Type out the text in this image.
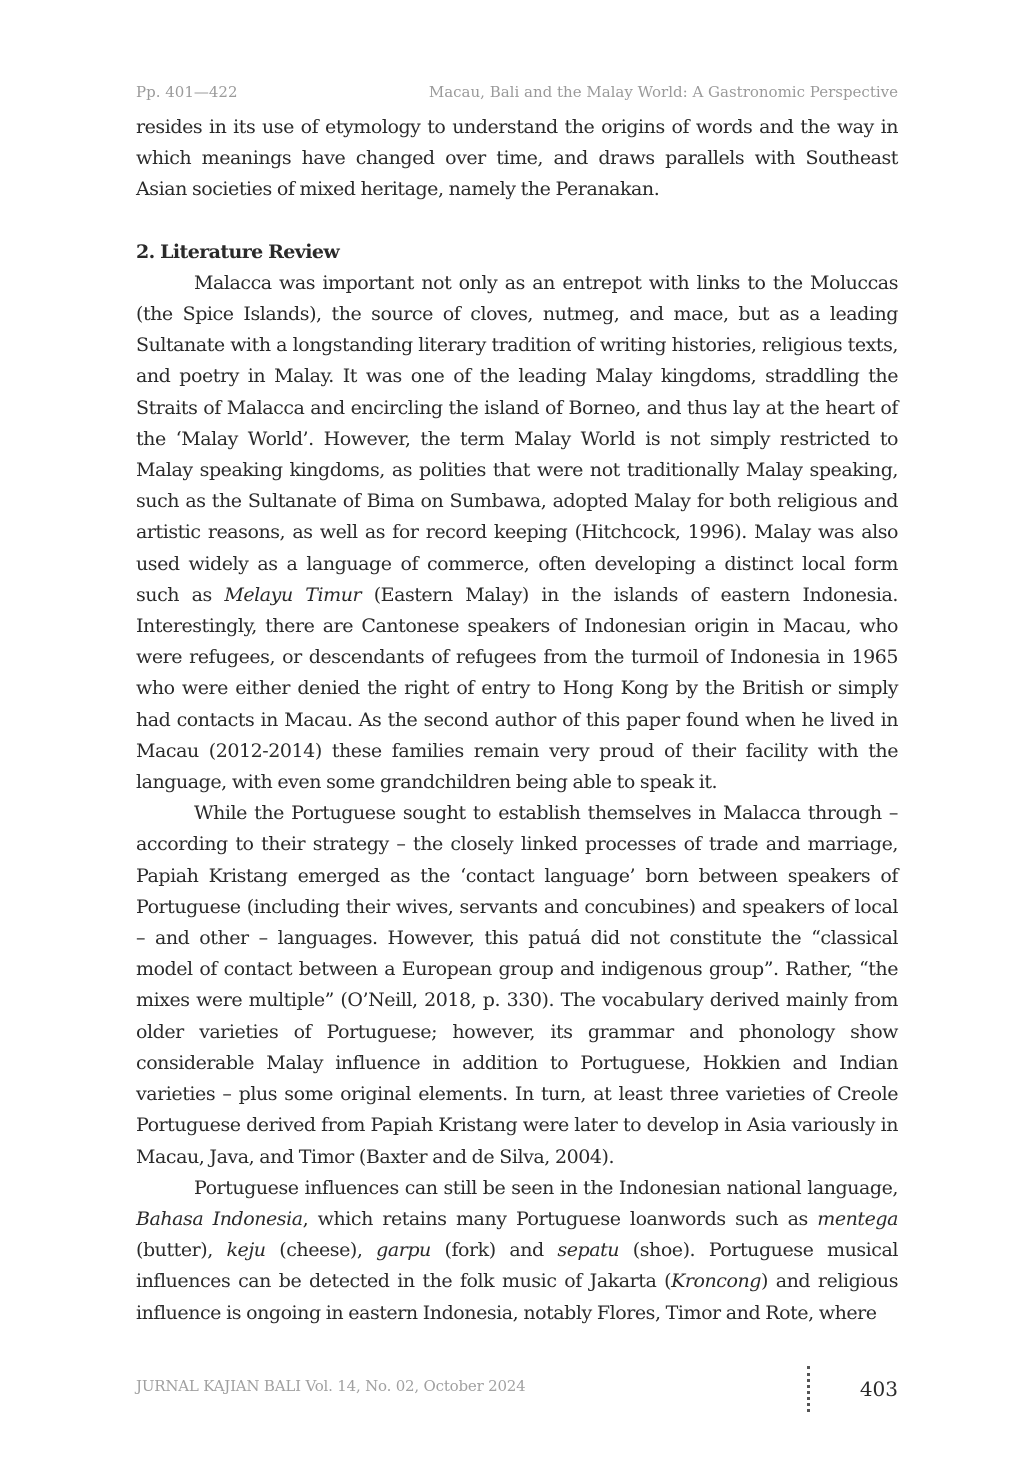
Pp. 401—422	Macau, Bali and the Malay World: A Gastronomic Perspective

resides in its use of etymology to understand the origins of words and the way in which meanings have changed over time, and draws parallels with Southeast Asian societies of mixed heritage, namely the Peranakan.

2. Literature Review

Malacca was important not only as an entrepot with links to the Moluccas (the Spice Islands), the source of cloves, nutmeg, and mace, but as a leading Sultanate with a longstanding literary tradition of writing histories, religious texts, and poetry in Malay. It was one of the leading Malay kingdoms, straddling the Straits of Malacca and encircling the island of Borneo, and thus lay at the heart of the ‘Malay World’. However, the term Malay World is not simply restricted to Malay speaking kingdoms, as polities that were not traditionally Malay speaking, such as the Sultanate of Bima on Sumbawa, adopted Malay for both religious and artistic reasons, as well as for record keeping (Hitchcock, 1996). Malay was also used widely as a language of commerce, often developing a distinct local form such as Melayu Timur (Eastern Malay) in the islands of eastern Indonesia. Interestingly, there are Cantonese speakers of Indonesian origin in Macau, who were refugees, or descendants of refugees from the turmoil of Indonesia in 1965 who were either denied the right of entry to Hong Kong by the British or simply had contacts in Macau. As the second author of this paper found when he lived in Macau (2012-2014) these families remain very proud of their facility with the language, with even some grandchildren being able to speak it.

While the Portuguese sought to establish themselves in Malacca through – according to their strategy – the closely linked processes of trade and marriage, Papiah Kristang emerged as the ‘contact language’ born between speakers of Portuguese (including their wives, servants and concubines) and speakers of local – and other – languages. However, this patuá did not constitute the “classical model of contact between a European group and indigenous group”. Rather, “the mixes were multiple” (O’Neill, 2018, p. 330). The vocabulary derived mainly from older varieties of Portuguese; however, its grammar and phonology show considerable Malay influence in addition to Portuguese, Hokkien and Indian varieties – plus some original elements. In turn, at least three varieties of Creole Portuguese derived from Papiah Kristang were later to develop in Asia variously in Macau, Java, and Timor (Baxter and de Silva, 2004).

Portuguese influences can still be seen in the Indonesian national language, Bahasa Indonesia, which retains many Portuguese loanwords such as mentega (butter), keju (cheese), garpu (fork) and sepatu (shoe). Portuguese musical influences can be detected in the folk music of Jakarta (Kroncong) and religious influence is ongoing in eastern Indonesia, notably Flores, Timor and Rote, where

JURNAL KAJIAN BALI Vol. 14, No. 02, October 2024	403
